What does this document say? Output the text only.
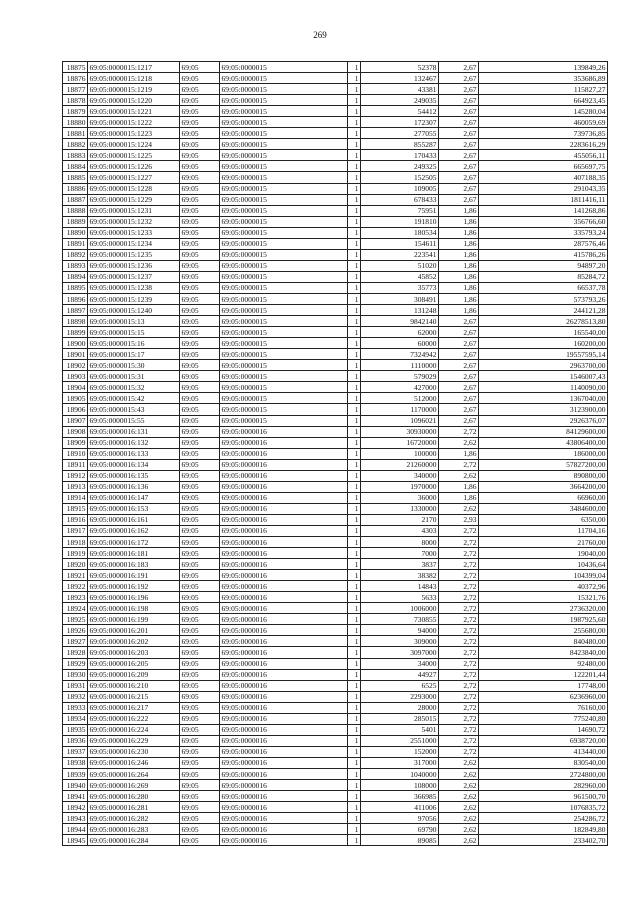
269
18875	69:05:0000015:1217	69:05	69:05:0000015	1	52378	2,67	139849,26
18876	69:05:0000015:1218	69:05	69:05:0000015	1	132467	2,67	353686,89
18877	69:05:0000015:1219	69:05	69:05:0000015	1	43381	2,67	115827,27
18878	69:05:0000015:1220	69:05	69:05:0000015	1	249035	2,67	664923,45
18879	69:05:0000015:1221	69:05	69:05:0000015	1	54412	2,67	145280,04
18880	69:05:0000015:1222	69:05	69:05:0000015	1	172307	2,67	460059,69
18881	69:05:0000015:1223	69:05	69:05:0000015	1	277055	2,67	739736,85
18882	69:05:0000015:1224	69:05	69:05:0000015	1	855287	2,67	2283616,29
18883	69:05:0000015:1225	69:05	69:05:0000015	1	170433	2,67	455056,11
18884	69:05:0000015:1226	69:05	69:05:0000015	1	249325	2,67	665697,75
18885	69:05:0000015:1227	69:05	69:05:0000015	1	152505	2,67	407188,35
18886	69:05:0000015:1228	69:05	69:05:0000015	1	109005	2,67	291043,35
18887	69:05:0000015:1229	69:05	69:05:0000015	1	678433	2,67	1811416,11
18888	69:05:0000015:1231	69:05	69:05:0000015	1	75951	1,86	141268,86
18889	69:05:0000015:1232	69:05	69:05:0000015	1	191810	1,86	356766,60
18890	69:05:0000015:1233	69:05	69:05:0000015	1	180534	1,86	335793,24
18891	69:05:0000015:1234	69:05	69:05:0000015	1	154611	1,86	287576,46
18892	69:05:0000015:1235	69:05	69:05:0000015	1	223541	1,86	415786,26
18893	69:05:0000015:1236	69:05	69:05:0000015	1	51020	1,86	94897,20
18894	69:05:0000015:1237	69:05	69:05:0000015	1	45852	1,86	85284,72
18895	69:05:0000015:1238	69:05	69:05:0000015	1	35773	1,86	66537,78
18896	69:05:0000015:1239	69:05	69:05:0000015	1	308491	1,86	573793,26
18897	69:05:0000015:1240	69:05	69:05:0000015	1	131248	1,86	244121,28
18898	69:05:0000015:13	69:05	69:05:0000015	1	9842140	2,67	26278513,80
18899	69:05:0000015:15	69:05	69:05:0000015	1	62000	2,67	165540,00
18900	69:05:0000015:16	69:05	69:05:0000015	1	60000	2,67	160200,00
18901	69:05:0000015:17	69:05	69:05:0000015	1	7324942	2,67	19557595,14
18902	69:05:0000015:30	69:05	69:05:0000015	1	1110000	2,67	2963700,00
18903	69:05:0000015:31	69:05	69:05:0000015	1	579029	2,67	1546007,43
18904	69:05:0000015:32	69:05	69:05:0000015	1	427000	2,67	1140090,00
18905	69:05:0000015:42	69:05	69:05:0000015	1	512000	2,67	1367040,00
18906	69:05:0000015:43	69:05	69:05:0000015	1	1170000	2,67	3123900,00
18907	69:05:0000015:55	69:05	69:05:0000015	1	1096021	2,67	2926376,07
18908	69:05:0000016:131	69:05	69:05:0000016	1	30930000	2,72	84129600,00
18909	69:05:0000016:132	69:05	69:05:0000016	1	16720000	2,62	43806400,00
18910	69:05:0000016:133	69:05	69:05:0000016	1	100000	1,86	186000,00
18911	69:05:0000016:134	69:05	69:05:0000016	1	21260000	2,72	57827200,00
18912	69:05:0000016:135	69:05	69:05:0000016	1	340000	2,62	890800,00
18913	69:05:0000016:136	69:05	69:05:0000016	1	1970000	1,86	3664200,00
18914	69:05:0000016:147	69:05	69:05:0000016	1	36000	1,86	66960,00
18915	69:05:0000016:153	69:05	69:05:0000016	1	1330000	2,62	3484600,00
18916	69:05:0000016:161	69:05	69:05:0000016	1	2170	2,93	6350,00
18917	69:05:0000016:162	69:05	69:05:0000016	1	4303	2,72	11704,16
18918	69:05:0000016:172	69:05	69:05:0000016	1	8000	2,72	21760,00
18919	69:05:0000016:181	69:05	69:05:0000016	1	7000	2,72	19040,00
18920	69:05:0000016:183	69:05	69:05:0000016	1	3837	2,72	10436,64
18921	69:05:0000016:191	69:05	69:05:0000016	1	38382	2,72	104399,04
18922	69:05:0000016:192	69:05	69:05:0000016	1	14843	2,72	40372,96
18923	69:05:0000016:196	69:05	69:05:0000016	1	5633	2,72	15321,76
18924	69:05:0000016:198	69:05	69:05:0000016	1	1006000	2,72	2736320,00
18925	69:05:0000016:199	69:05	69:05:0000016	1	730855	2,72	1987925,60
18926	69:05:0000016:201	69:05	69:05:0000016	1	94000	2,72	255680,00
18927	69:05:0000016:202	69:05	69:05:0000016	1	309000	2,72	840480,00
18928	69:05:0000016:203	69:05	69:05:0000016	1	3097000	2,72	8423840,00
18929	69:05:0000016:205	69:05	69:05:0000016	1	34000	2,72	92480,00
18930	69:05:0000016:209	69:05	69:05:0000016	1	44927	2,72	122201,44
18931	69:05:0000016:210	69:05	69:05:0000016	1	6525	2,72	17748,00
18932	69:05:0000016:215	69:05	69:05:0000016	1	2293000	2,72	6236960,00
18933	69:05:0000016:217	69:05	69:05:0000016	1	28000	2,72	76160,00
18934	69:05:0000016:222	69:05	69:05:0000016	1	285015	2,72	775240,80
18935	69:05:0000016:224	69:05	69:05:0000016	1	5401	2,72	14690,72
18936	69:05:0000016:229	69:05	69:05:0000016	1	2551000	2,72	6938720,00
18937	69:05:0000016:230	69:05	69:05:0000016	1	152000	2,72	413440,00
18938	69:05:0000016:246	69:05	69:05:0000016	1	317000	2,62	830540,00
18939	69:05:0000016:264	69:05	69:05:0000016	1	1040000	2,62	2724800,00
18940	69:05:0000016:269	69:05	69:05:0000016	1	108000	2,62	282960,00
18941	69:05:0000016:280	69:05	69:05:0000016	1	366985	2,62	961500,70
18942	69:05:0000016:281	69:05	69:05:0000016	1	411006	2,62	1076835,72
18943	69:05:0000016:282	69:05	69:05:0000016	1	97056	2,62	254286,72
18944	69:05:0000016:283	69:05	69:05:0000016	1	69790	2,62	182849,80
18945	69:05:0000016:284	69:05	69:05:0000016	1	89085	2,62	233402,70
